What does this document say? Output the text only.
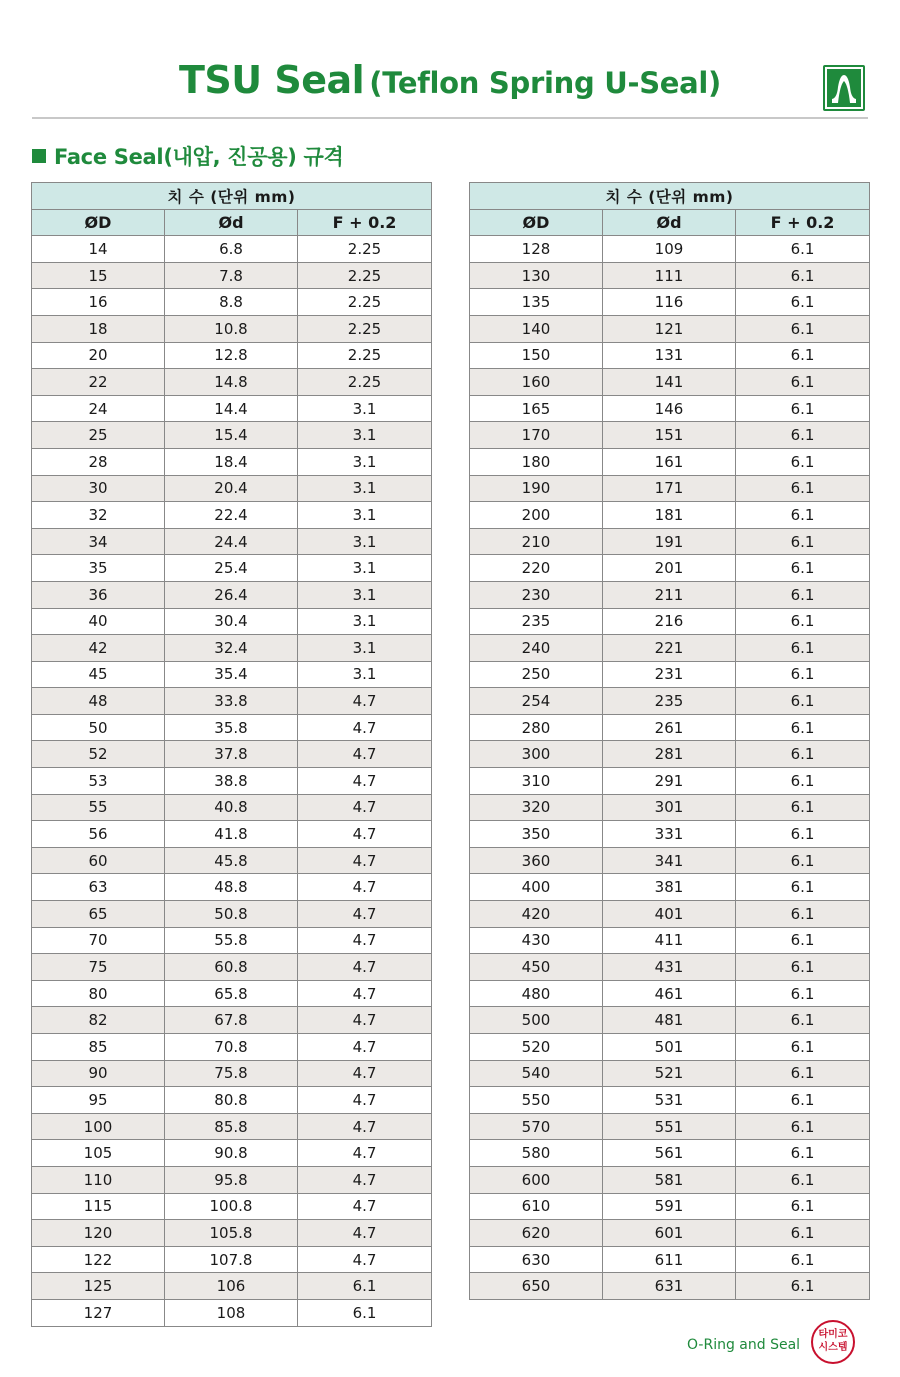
TSU Seal (Teflon Spring U-Seal)
Face Seal(내압, 진공용) 규격
치 수 (단위 mm)		
ØD	Ød	F + 0.2
14	6.8	2.25
15	7.8	2.25
16	8.8	2.25
18	10.8	2.25
20	12.8	2.25
22	14.8	2.25
24	14.4	3.1
25	15.4	3.1
28	18.4	3.1
30	20.4	3.1
32	22.4	3.1
34	24.4	3.1
35	25.4	3.1
36	26.4	3.1
40	30.4	3.1
42	32.4	3.1
45	35.4	3.1
48	33.8	4.7
50	35.8	4.7
52	37.8	4.7
53	38.8	4.7
55	40.8	4.7
56	41.8	4.7
60	45.8	4.7
63	48.8	4.7
65	50.8	4.7
70	55.8	4.7
75	60.8	4.7
80	65.8	4.7
82	67.8	4.7
85	70.8	4.7
90	75.8	4.7
95	80.8	4.7
100	85.8	4.7
105	90.8	4.7
110	95.8	4.7
115	100.8	4.7
120	105.8	4.7
122	107.8	4.7
125	106	6.1
127	108	6.1
치 수 (단위 mm)		
ØD	Ød	F + 0.2
128	109	6.1
130	111	6.1
135	116	6.1
140	121	6.1
150	131	6.1
160	141	6.1
165	146	6.1
170	151	6.1
180	161	6.1
190	171	6.1
200	181	6.1
210	191	6.1
220	201	6.1
230	211	6.1
235	216	6.1
240	221	6.1
250	231	6.1
254	235	6.1
280	261	6.1
300	281	6.1
310	291	6.1
320	301	6.1
350	331	6.1
360	341	6.1
400	381	6.1
420	401	6.1
430	411	6.1
450	431	6.1
480	461	6.1
500	481	6.1
520	501	6.1
540	521	6.1
550	531	6.1
570	551	6.1
580	561	6.1
600	581	6.1
610	591	6.1
620	601	6.1
630	611	6.1
650	631	6.1
O-Ring and Seal
타미코
시스템
